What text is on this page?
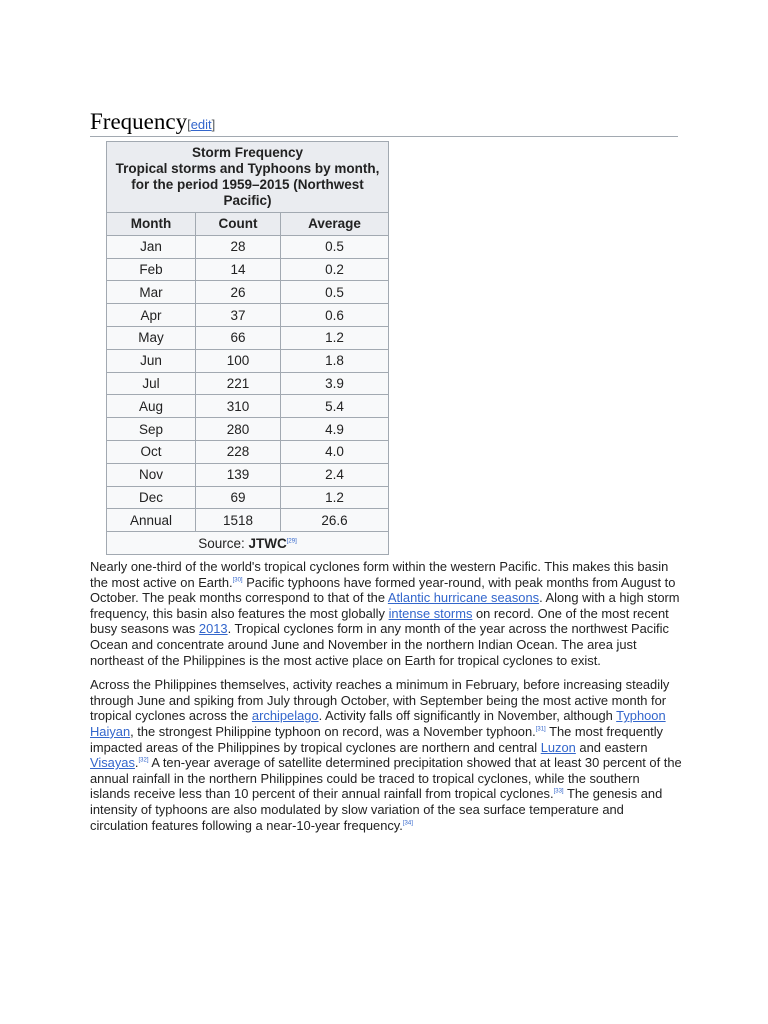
Frequency[edit]
Storm Frequency
Tropical storms and Typhoons by month, for the period 1959–2015 (Northwest Pacific)		

Month	Count	Average
Jan	28	0.5
Feb	14	0.2
Mar	26	0.5
Apr	37	0.6
May	66	1.2
Jun	100	1.8
Jul	221	3.9
Aug	310	5.4
Sep	280	4.9
Oct	228	4.0
Nov	139	2.4
Dec	69	1.2
Annual	1518	26.6
Source: JTWC[29]

Nearly one-third of the world's tropical cyclones form within the western Pacific. This makes this basin the most active on Earth.[30] Pacific typhoons have formed year-round, with peak months from August to October. The peak months correspond to that of the Atlantic hurricane seasons. Along with a high storm frequency, this basin also features the most globally intense storms on record. One of the most recent busy seasons was 2013. Tropical cyclones form in any month of the year across the northwest Pacific Ocean and concentrate around June and November in the northern Indian Ocean. The area just northeast of the Philippines is the most active place on Earth for tropical cyclones to exist.

Across the Philippines themselves, activity reaches a minimum in February, before increasing steadily through June and spiking from July through October, with September being the most active month for tropical cyclones across the archipelago. Activity falls off significantly in November, although Typhoon Haiyan, the strongest Philippine typhoon on record, was a November typhoon.[31] The most frequently impacted areas of the Philippines by tropical cyclones are northern and central Luzon and eastern Visayas.[32] A ten-year average of satellite determined precipitation showed that at least 30 percent of the annual rainfall in the northern Philippines could be traced to tropical cyclones, while the southern islands receive less than 10 percent of their annual rainfall from tropical cyclones.[33] The genesis and intensity of typhoons are also modulated by slow variation of the sea surface temperature and circulation features following a near-10-year frequency.[34]
